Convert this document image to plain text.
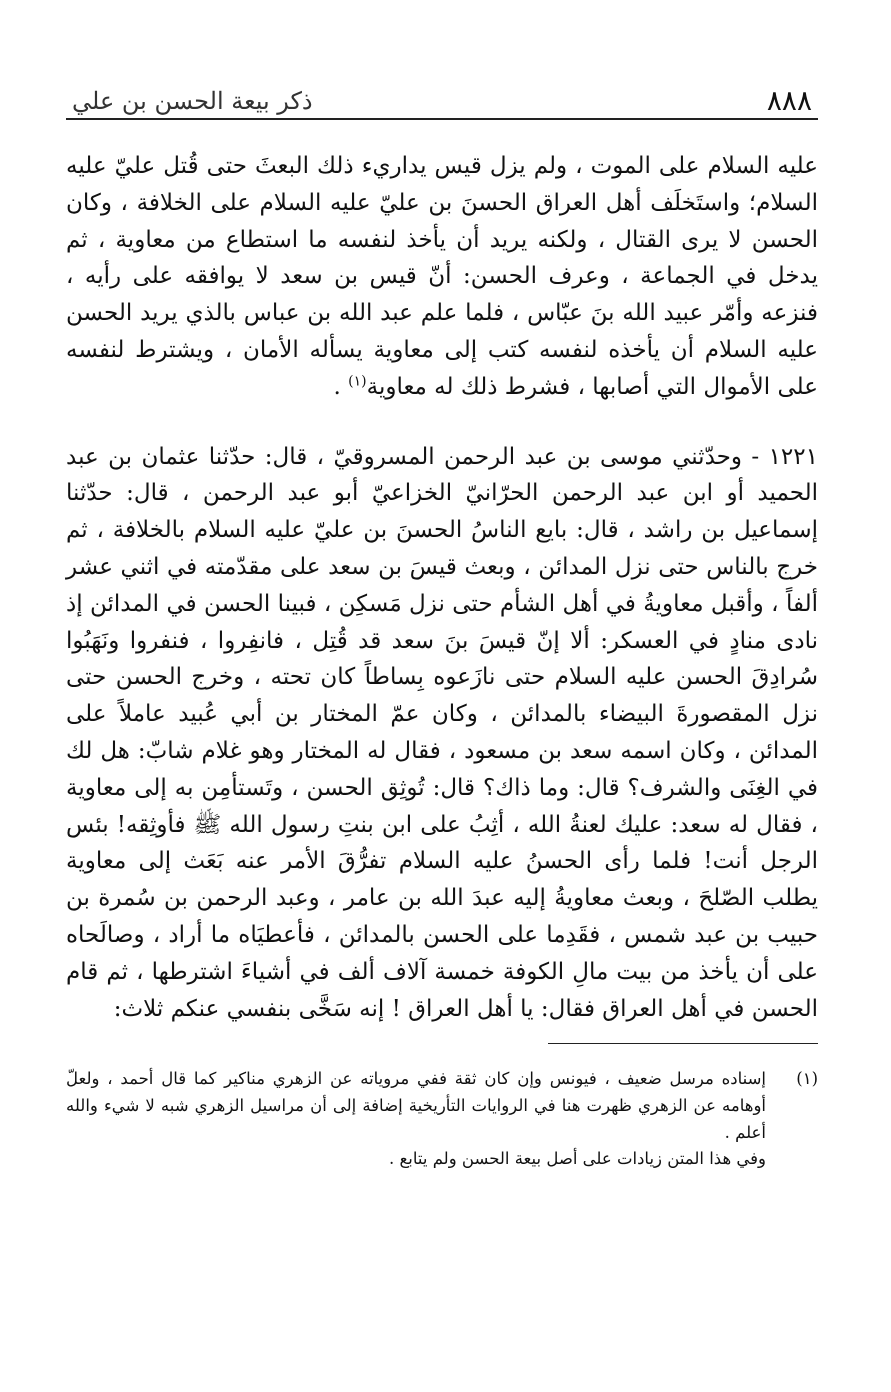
٨٨٨
ذكر بيعة الحسن بن علي

عليه السلام على الموت ، ولم يزل قيس يداريء ذلك البعثَ حتى قُتل عليّ عليه السلام؛ واستَخلَف أهل العراق الحسنَ بن عليّ عليه السلام على الخلافة ، وكان الحسن لا يرى القتال ، ولكنه يريد أن يأخذ لنفسه ما استطاع من معاوية ، ثم يدخل في الجماعة ، وعرف الحسن: أنّ قيس بن سعد لا يوافقه على رأيه ، فنزعه وأمّر عبيد الله بنَ عبّاس ، فلما علم عبد الله بن عباس بالذي يريد الحسن عليه السلام أن يأخذه لنفسه كتب إلى معاوية يسأله الأمان ، ويشترط لنفسه على الأموال التي أصابها ، فشرط ذلك له معاوية$^{(١)}$ .

١٢٢١ - وحدّثني موسى بن عبد الرحمن المسروقيّ ، قال: حدّثنا عثمان بن عبد الحميد أو ابن عبد الرحمن الحرّانيّ الخزاعيّ أبو عبد الرحمن ، قال: حدّثنا إسماعيل بن راشد ، قال: بايع الناسُ الحسنَ بن عليّ عليه السلام بالخلافة ، ثم خرج بالناس حتى نزل المدائن ، وبعث قيسَ بن سعد على مقدّمته في اثني عشر ألفاً ، وأقبل معاويةُ في أهل الشأم حتى نزل مَسكِن ، فبينا الحسن في المدائن إذ نادى منادٍ في العسكر: ألا إنّ قيسَ بنَ سعد قد قُتِل ، فانفِروا ، فنفروا ونَهَبُوا سُرادِقَ الحسن عليه السلام حتى نازَعوه بِساطاً كان تحته ، وخرج الحسن حتى نزل المقصورةَ البيضاء بالمدائن ، وكان عمّ المختار بن أبي عُبيد عاملاً على المدائن ، وكان اسمه سعد بن مسعود ، فقال له المختار وهو غلام شابّ: هل لك في الغِنَى والشرف؟ قال: وما ذاك؟ قال: تُوثِق الحسن ، وتَستأمِن به إلى معاوية ، فقال له سعد: عليك لعنةُ الله ، أثِبُ على ابن بنتِ رسول الله ﷺ فأوثِقه! بئس الرجل أنت! فلما رأى الحسنُ عليه السلام تفرُّقَ الأمر عنه بَعَث إلى معاوية يطلب الصّلحَ ، وبعث معاويةُ إليه عبدَ الله بن عامر ، وعبد الرحمن بن سُمرة بن حبيب بن عبد شمس ، فقَدِما على الحسن بالمدائن ، فأعطيَاه ما أراد ، وصالَحاه على أن يأخذ من بيت مالِ الكوفة خمسة آلاف ألف في أشياءَ اشترطها ، ثم قام الحسن في أهل العراق فقال: يا أهل العراق ! إنه سَخَّى بنفسي عنكم ثلاث:

(١)

إسناده مرسل ضعيف ، فيونس وإن كان ثقة ففي مروياته عن الزهري مناكير كما قال أحمد ، ولعلّ أوهامه عن الزهري ظهرت هنا في الروايات التأريخية إضافة إلى أن مراسيل الزهري شبه لا شيء والله أعلم .

وفي هذا المتن زيادات على أصل بيعة الحسن ولم يتابع .
